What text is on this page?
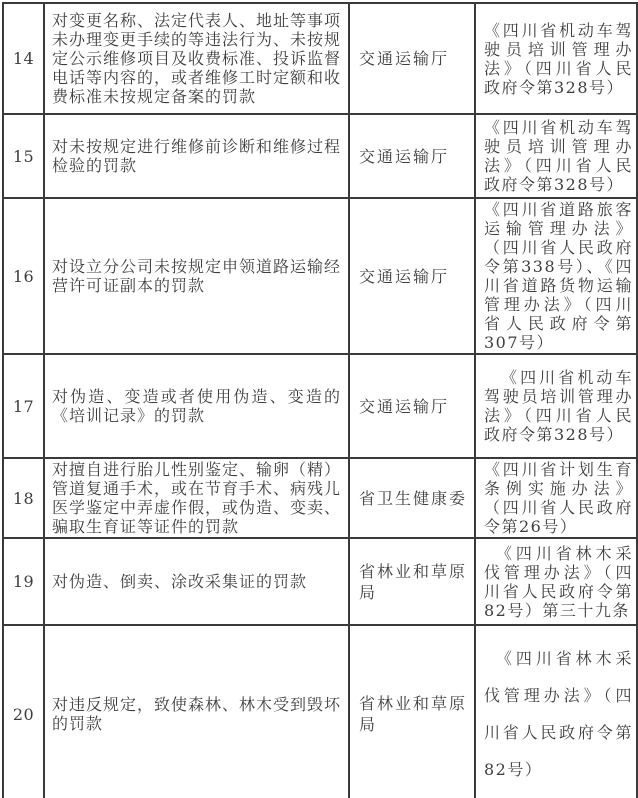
14	对变更名称、法定代表人、地址等事项未办理变更手续的等违法行为、未按规定公示维修项目及收费标准、投诉监督电话等内容的，或者维修工时定额和收费标准未按规定备案的罚款	交通运输厅	《四川省机动车驾驶员培训管理办法》（四川省人民政府令第328号）
15	对未按规定进行维修前诊断和维修过程检验的罚款	交通运输厅	《四川省机动车驾驶员培训管理办法》（四川省人民政府令第328号）
16	对设立分公司未按规定申领道路运输经营许可证副本的罚款	交通运输厅	《四川省道路旅客运输管理办法》（四川省人民政府令第338号）、《四川省道路货物运输管理办法》（四川省人民政府令第307号）
17	对伪造、变造或者使用伪造、变造的《培训记录》的罚款	交通运输厅	《四川省机动车驾驶员培训管理办法》（四川省人民政府令第328号）
18	对擅自进行胎儿性别鉴定、输卵（精）管道复通手术，或在节育手术、病残儿医学鉴定中弄虚作假，或伪造、变卖、骗取生育证等证件的罚款	省卫生健康委	《四川省计划生育条例实施办法》（四川省人民政府令第26号）
19	对伪造、倒卖、涂改采集证的罚款	省林业和草原局	《四川省林木采伐管理办法》（四川省人民政府令第82号）第三十九条
20	对违反规定，致使森林、林木受到毁坏的罚款	省林业和草原局	《四川省林木采伐管理办法》（四川省人民政府令第82号）
